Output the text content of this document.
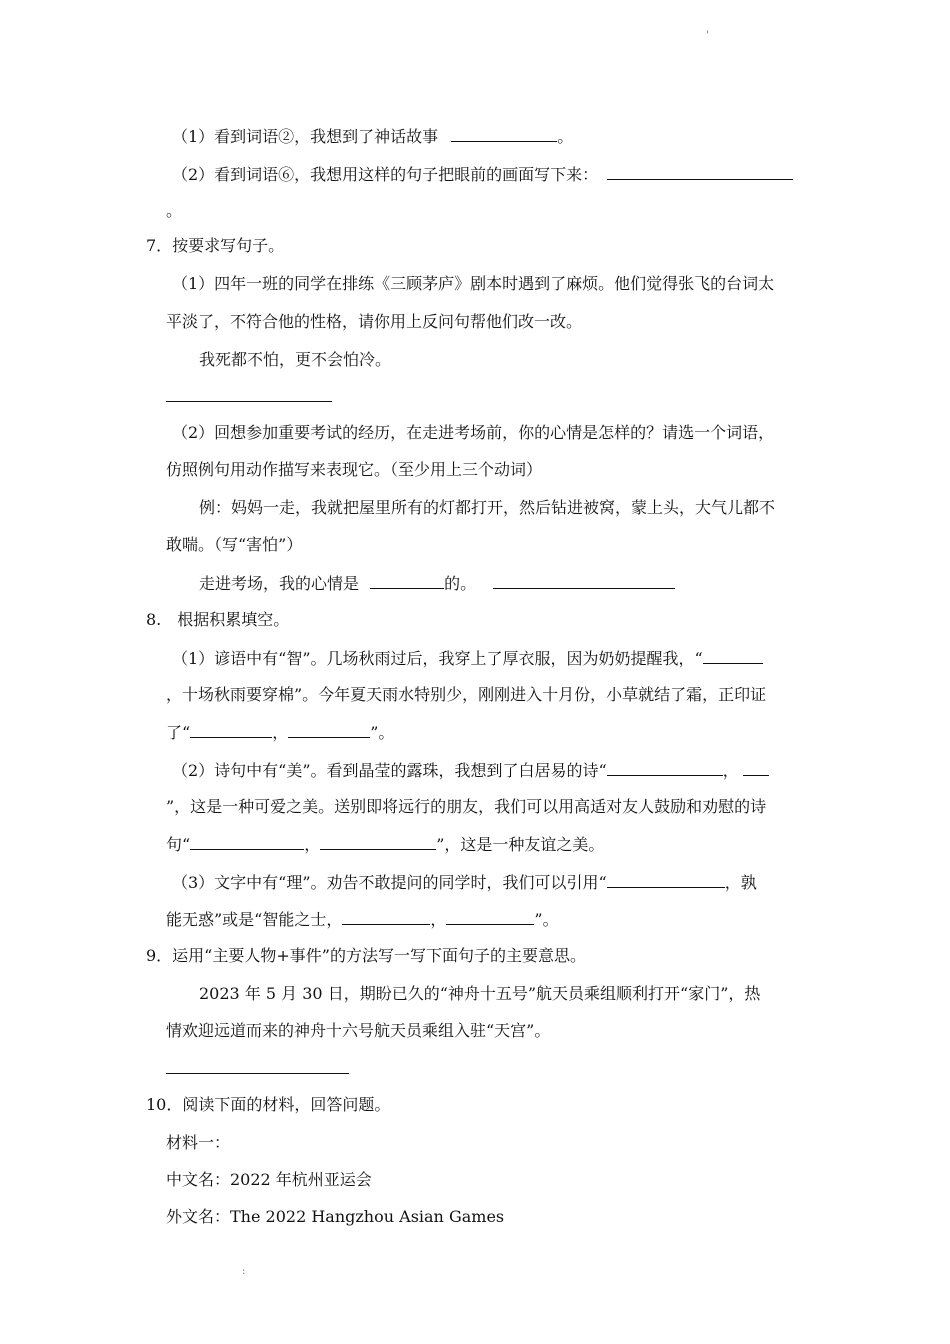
'
（1）看到词语②，我想到了神话故事	。
（2）看到词语⑥，我想用这样的句子把眼前的画面写下来：
。
7．按要求写句子。
（1）四年一班的同学在排练《三顾茅庐》剧本时遇到了麻烦。他们觉得张飞的台词太
平淡了，不符合他的性格，请你用上反问句帮他们改一改。
我死都不怕，更不会怕冷。
（2）回想参加重要考试的经历，在走进考场前，你的心情是怎样的？请选一个词语，
仿照例句用动作描写来表现它。（至少用上三个动词）
例：妈妈一走，我就把屋里所有的灯都打开，然后钻进被窝，蒙上头，大气儿都不
敢喘。（写“害怕”）
走进考场，我的心情是	的。
8.　根据积累填空。
（1）谚语中有“智”。几场秋雨过后，我穿上了厚衣服，因为奶奶提醒我，“
，十场秋雨要穿棉”。今年夏天雨水特别少，刚刚进入十月份，小草就结了霜，正印证
了“	，	”。
（2）诗句中有“美”。看到晶莹的露珠，我想到了白居易的诗“	，
”，这是一种可爱之美。送别即将远行的朋友，我们可以用高适对友人鼓励和劝慰的诗
句“	，	”，这是一种友谊之美。
（3）文字中有“理”。劝告不敢提问的同学时，我们可以引用“	，孰
能无惑”或是“智能之士，	，	”。
9．运用“主要人物+事件”的方法写一写下面句子的主要意思。
2023 年 5 月 30 日，期盼已久的“神舟十五号”航天员乘组顺利打开“家门”，热
情欢迎远道而来的神舟十六号航天员乘组入驻“天宫”。
10．阅读下面的材料，回答问题。
材料一：
中文名：2022 年杭州亚运会
外文名：The 2022 Hangzhou Asian Games
:
